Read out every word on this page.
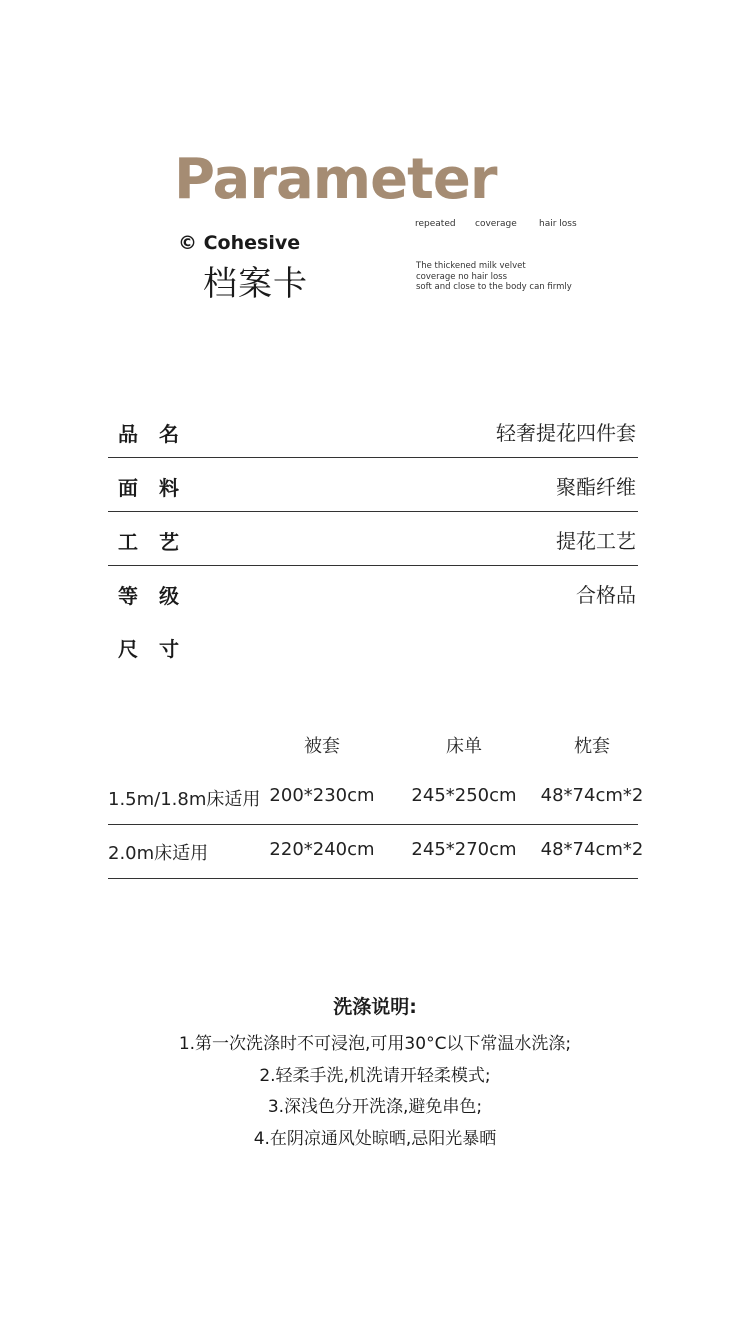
Parameter
© Cohesive
档案卡
repeated coverage hair loss
The thickened milk velvet
coverage no hair loss
soft and close to the body can firmly
品名	轻奢提花四件套
面料	聚酯纤维
工艺	提花工艺
等级	合格品
尺寸
被套	床单	枕套
1.5m/1.8m床适用 200*230cm 245*250cm 48*74cm*2
2.0m床适用	220*240cm 245*270cm 48*74cm*2
洗涤说明:
1.第一次洗涤时不可浸泡,可用30°C以下常温水洗涤;
2.轻柔手洗,机洗请开轻柔模式;
3.深浅色分开洗涤,避免串色;
4.在阴凉通风处晾晒,忌阳光暴晒
